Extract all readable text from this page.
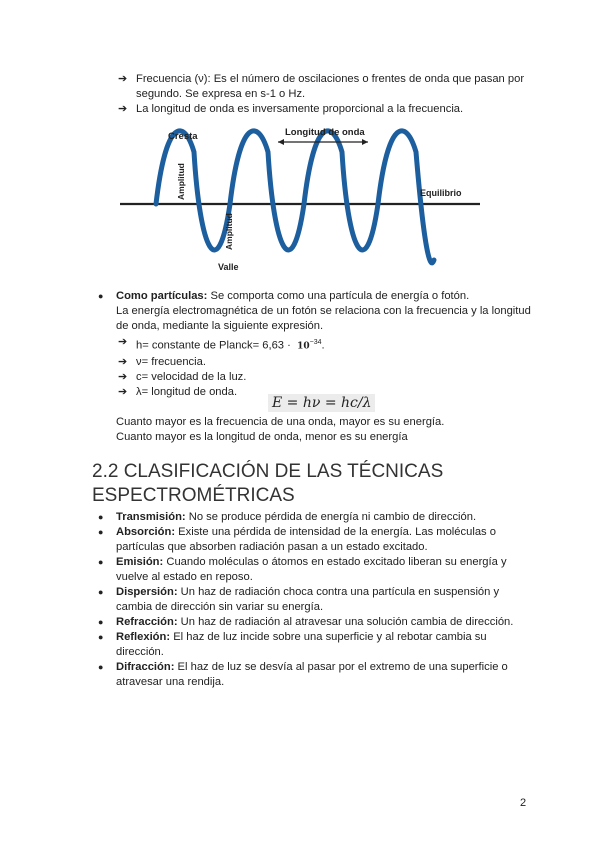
➔ Frecuencia (ν): Es el número de oscilaciones o frentes de onda que pasan por segundo. Se expresa en s-1 o Hz.
➔ La longitud de onda es inversamente proporcional a la frecuencia.
Cresta	Longitud de onda
Amplitud
Amplitud
Equilibrio
Valle
● Como partículas: Se comporta como una partícula de energía o fotón.

La energía electromagnética de un fotón se relaciona con la frecuencia y la longitud de onda, mediante la siguiente expresión.

➔ h= constante de Planck= $6,63 \cdot 10^{-34}$.
➔ ν= frecuencia.
➔ c= velocidad de la luz.
➔ λ= longitud de onda.
E = hν = hc/λ

Cuanto mayor es la frecuencia de una onda, mayor es su energía.

Cuanto mayor es la longitud de onda, menor es su energía

2.2 CLASIFICACIÓN DE LAS TÉCNICAS ESPECTROMÉTRICAS
● Transmisión: No se produce pérdida de energía ni cambio de dirección.
● Absorción: Existe una pérdida de intensidad de la energía. Las moléculas o partículas que absorben radiación pasan a un estado excitado.
● Emisión: Cuando moléculas o átomos en estado excitado liberan su energía y vuelve al estado en reposo.
● Dispersión: Un haz de radiación choca contra una partícula en suspensión y cambia de dirección sin variar su energía.
● Refracción: Un haz de radiación al atravesar una solución cambia de dirección.
● Reflexión: El haz de luz incide sobre una superficie y al rebotar cambia su dirección.
● Difracción: El haz de luz se desvía al pasar por el extremo de una superficie o atravesar una rendija.
2
